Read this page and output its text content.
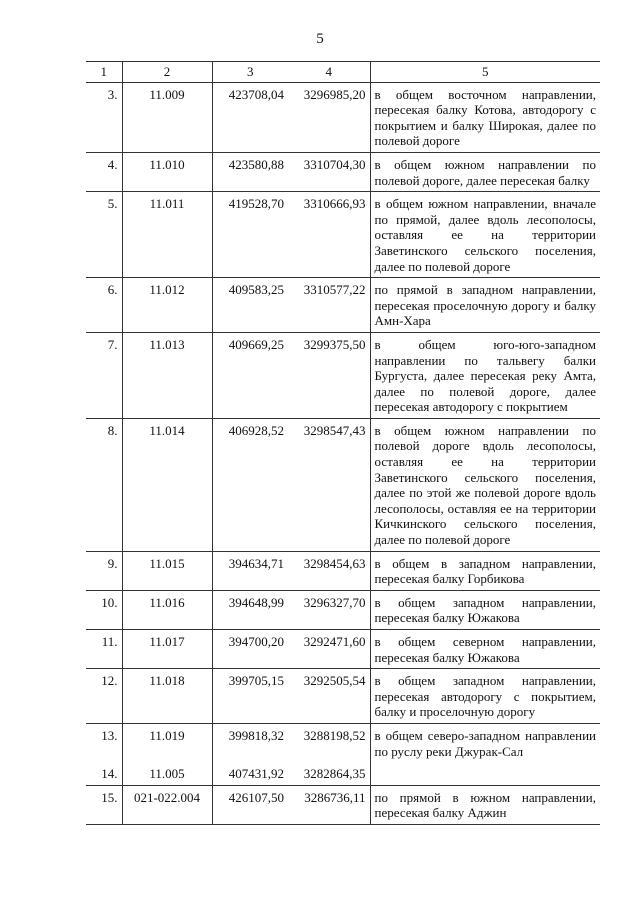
5
1	2	3	4	5
3.	11.009	423708,04	3296985,20	в общем восточном направлении, пересекая балку Котова, автодорогу с покрытием и балку Широкая, далее по полевой дороге
4.	11.010	423580,88	3310704,30	в общем южном направлении по полевой дороге, далее пересекая балку
5.	11.011	419528,70	3310666,93	в общем южном направлении, вначале по прямой, далее вдоль лесополосы, оставляя ее на территории Заветинского сельского поселения, далее по полевой дороге
6.	11.012	409583,25	3310577,22	по прямой в западном направлении, пересекая проселочную дорогу и балку Амн-Хара
7.	11.013	409669,25	3299375,50	в общем юго-юго-западном направлении по тальвегу балки Бургуста, далее пересекая реку Амта, далее по полевой дороге, далее пересекая автодорогу с покрытием
8.	11.014	406928,52	3298547,43	в общем южном направлении по полевой дороге вдоль лесополосы, оставляя ее на территории Заветинского сельского поселения, далее по этой же полевой дороге вдоль лесополосы, оставляя ее на территории Кичкинского сельского поселения, далее по полевой дороге
9.	11.015	394634,71	3298454,63	в общем в западном направлении, пересекая балку Горбикова
10.	11.016	394648,99	3296327,70	в общем западном направлении, пересекая балку Южакова
11.	11.017	394700,20	3292471,60	в общем северном направлении, пересекая балку Южакова
12.	11.018	399705,15	3292505,54	в общем западном направлении, пересекая автодорогу с покрытием, балку и проселочную дорогу
13.	11.019	399818,32	3288198,52	в общем северо-западном направлении по руслу реки Джурак-Сал
14.	11.005	407431,92	3282864,35	
15.	021-022.004	426107,50	3286736,11	по прямой в южном направлении, пересекая балку Аджин
